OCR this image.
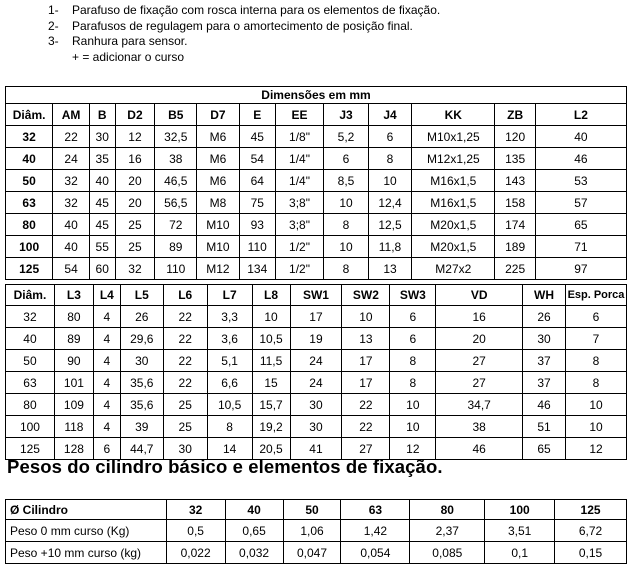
1-	Parafuso de fixação com rosca interna para os elementos de fixação.
2-	Parafusos de regulagem para o amortecimento de posição final.
3-	Ranhura para sensor.
+ = adicionar o curso
Dimensões em mm												
Diâm.	AM	B	D2	B5	D7	E	EE	J3	J4	KK	ZB	L2
32	22	30	12	32,5	M6	45	1/8"	5,2	6	M10x1,25	120	40
40	24	35	16	38	M6	54	1/4"	6	8	M12x1,25	135	46
50	32	40	20	46,5	M6	64	1/4"	8,5	10	M16x1,5	143	53
63	32	45	20	56,5	M8	75	3;8"	10	12,4	M16x1,5	158	57
80	40	45	25	72	M10	93	3;8"	8	12,5	M20x1,5	174	65
100	40	55	25	89	M10	110	1/2"	10	11,8	M20x1,5	189	71
125	54	60	32	110	M12	134	1/2"	8	13	M27x2	225	97
Diâm.	L3	L4	L5	L6	L7	L8	SW1	SW2	SW3	VD	WH	Esp. Porca
32	80	4	26	22	3,3	10	17	10	6	16	26	6
40	89	4	29,6	22	3,6	10,5	19	13	6	20	30	7
50	90	4	30	22	5,1	11,5	24	17	8	27	37	8
63	101	4	35,6	22	6,6	15	24	17	8	27	37	8
80	109	4	35,6	25	10,5	15,7	30	22	10	34,7	46	10
100	118	4	39	25	8	19,2	30	22	10	38	51	10
125	128	6	44,7	30	14	20,5	41	27	12	46	65	12
Pesos do cilindro básico e elementos de fixação.
Ø Cilindro	32	40	50	63	80	100	125
Peso 0 mm curso (Kg)	0,5	0,65	1,06	1,42	2,37	3,51	6,72
Peso +10 mm curso (kg)	0,022	0,032	0,047	0,054	0,085	0,1	0,15
